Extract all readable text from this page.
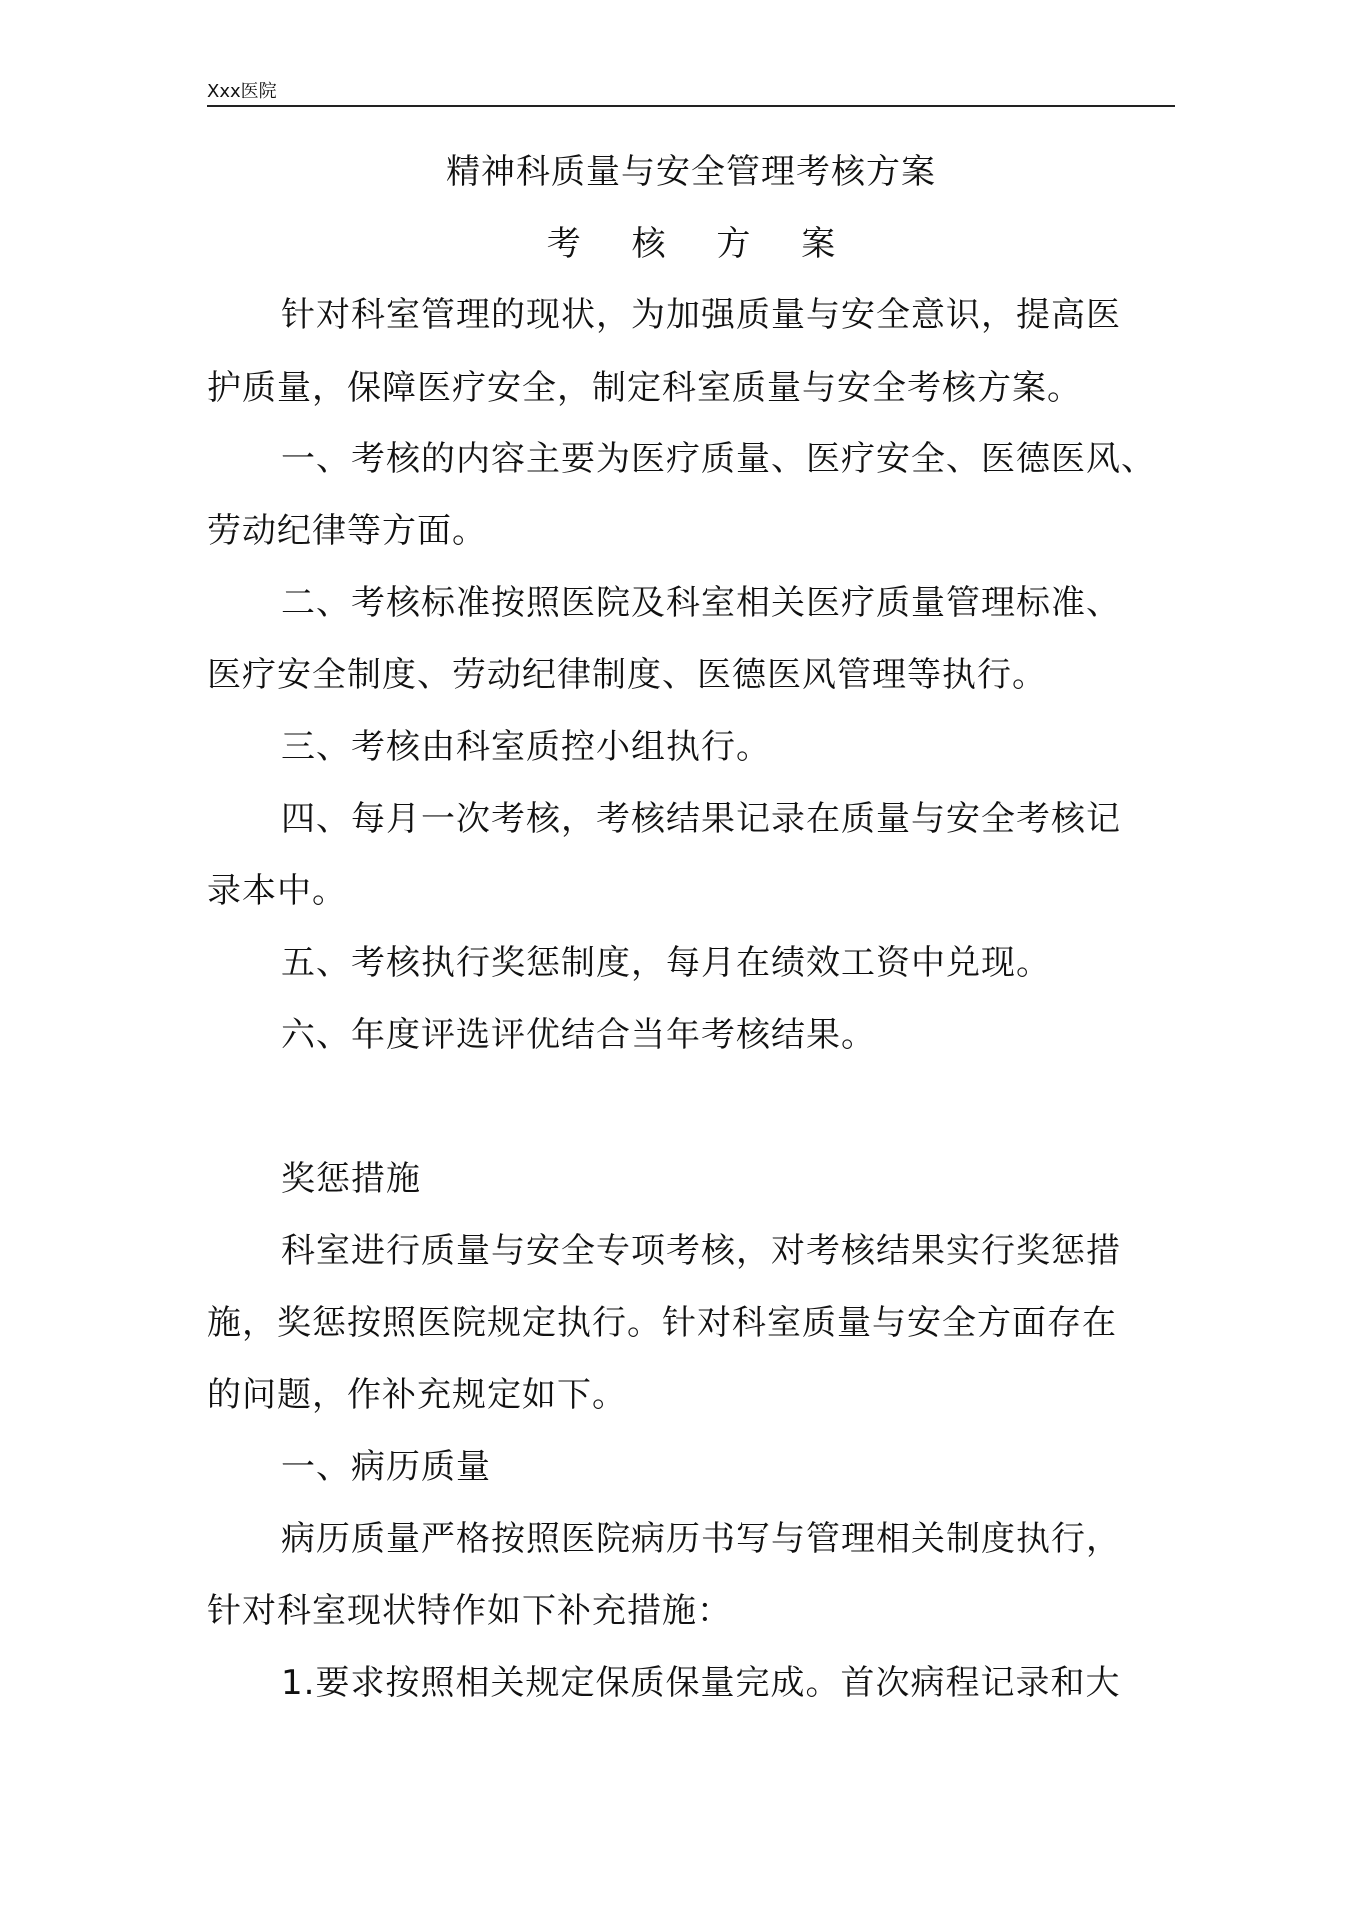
Xxx医院
精神科质量与安全管理考核方案
考 核 方 案
针对科室管理的现状，为加强质量与安全意识，提高医
护质量，保障医疗安全，制定科室质量与安全考核方案。
一、考核的内容主要为医疗质量、医疗安全、医德医风、
劳动纪律等方面。
二、考核标准按照医院及科室相关医疗质量管理标准、
医疗安全制度、劳动纪律制度、医德医风管理等执行。
三、考核由科室质控小组执行。
四、每月一次考核，考核结果记录在质量与安全考核记
录本中。
五、考核执行奖惩制度，每月在绩效工资中兑现。
六、年度评选评优结合当年考核结果。
奖惩措施
科室进行质量与安全专项考核，对考核结果实行奖惩措
施，奖惩按照医院规定执行。针对科室质量与安全方面存在
的问题，作补充规定如下。
一、病历质量
病历质量严格按照医院病历书写与管理相关制度执行，
针对科室现状特作如下补充措施：
1.要求按照相关规定保质保量完成。首次病程记录和大
